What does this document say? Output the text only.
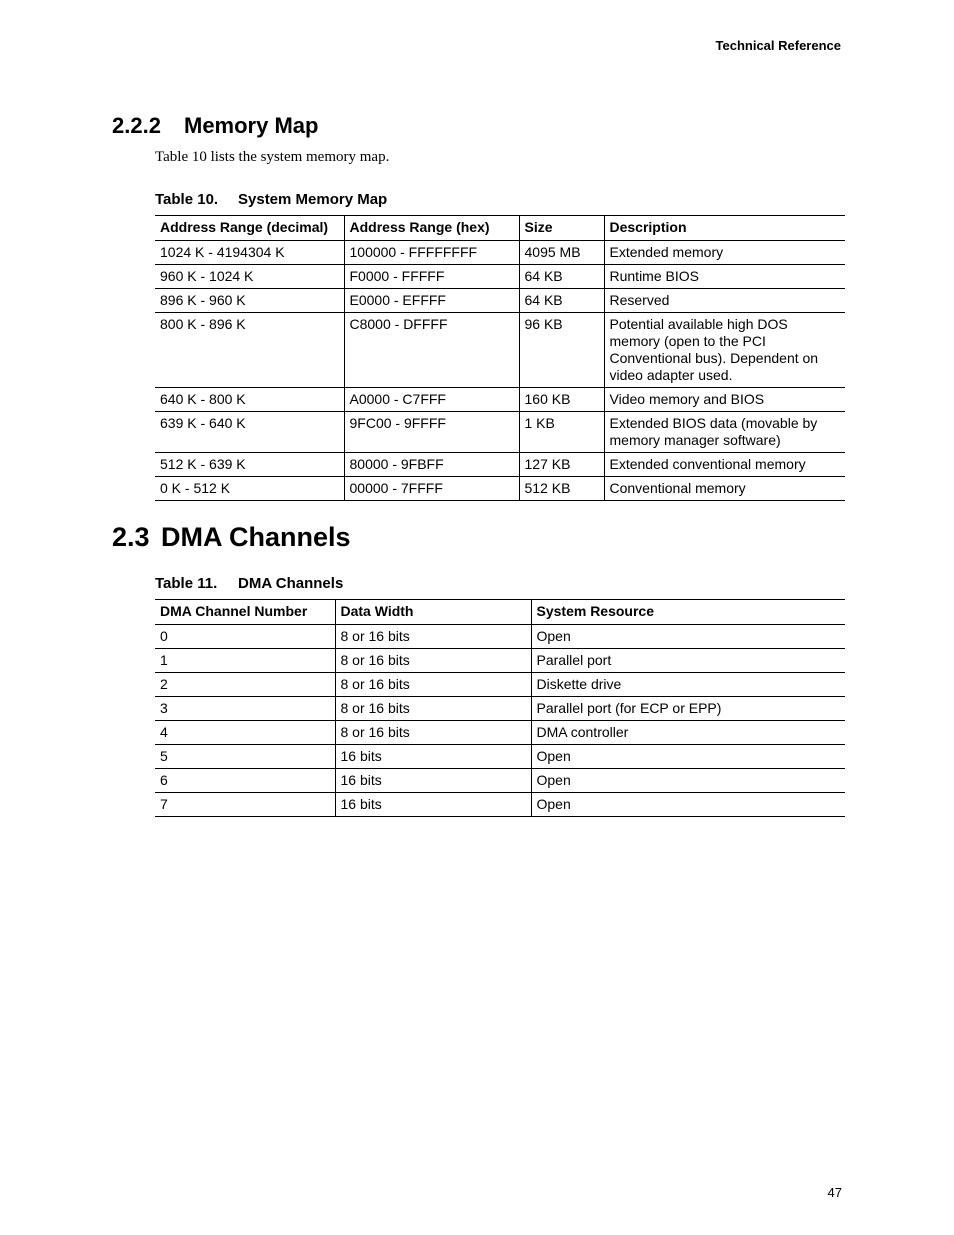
Technical Reference
2.2.2 Memory Map
Table 10 lists the system memory map.
Table 10. System Memory Map
Address Range (decimal)	Address Range (hex)	Size	Description
1024 K - 4194304 K	100000 - FFFFFFFF	4095 MB	Extended memory
960 K - 1024 K	F0000 - FFFFF	64 KB	Runtime BIOS
896 K - 960 K	E0000 - EFFFF	64 KB	Reserved
800 K - 896 K	C8000 - DFFFF	96 KB	Potential available high DOS memory (open to the PCI Conventional bus). Dependent on video adapter used.
640 K - 800 K	A0000 - C7FFF	160 KB	Video memory and BIOS
639 K - 640 K	9FC00 - 9FFFF	1 KB	Extended BIOS data (movable by memory manager software)
512 K - 639 K	80000 - 9FBFF	127 KB	Extended conventional memory
0 K - 512 K	00000 - 7FFFF	512 KB	Conventional memory
2.3 DMA Channels
Table 11. DMA Channels
DMA Channel Number	Data Width	System Resource
0	8 or 16 bits	Open
1	8 or 16 bits	Parallel port
2	8 or 16 bits	Diskette drive
3	8 or 16 bits	Parallel port (for ECP or EPP)
4	8 or 16 bits	DMA controller
5	16 bits	Open
6	16 bits	Open
7	16 bits	Open
47
